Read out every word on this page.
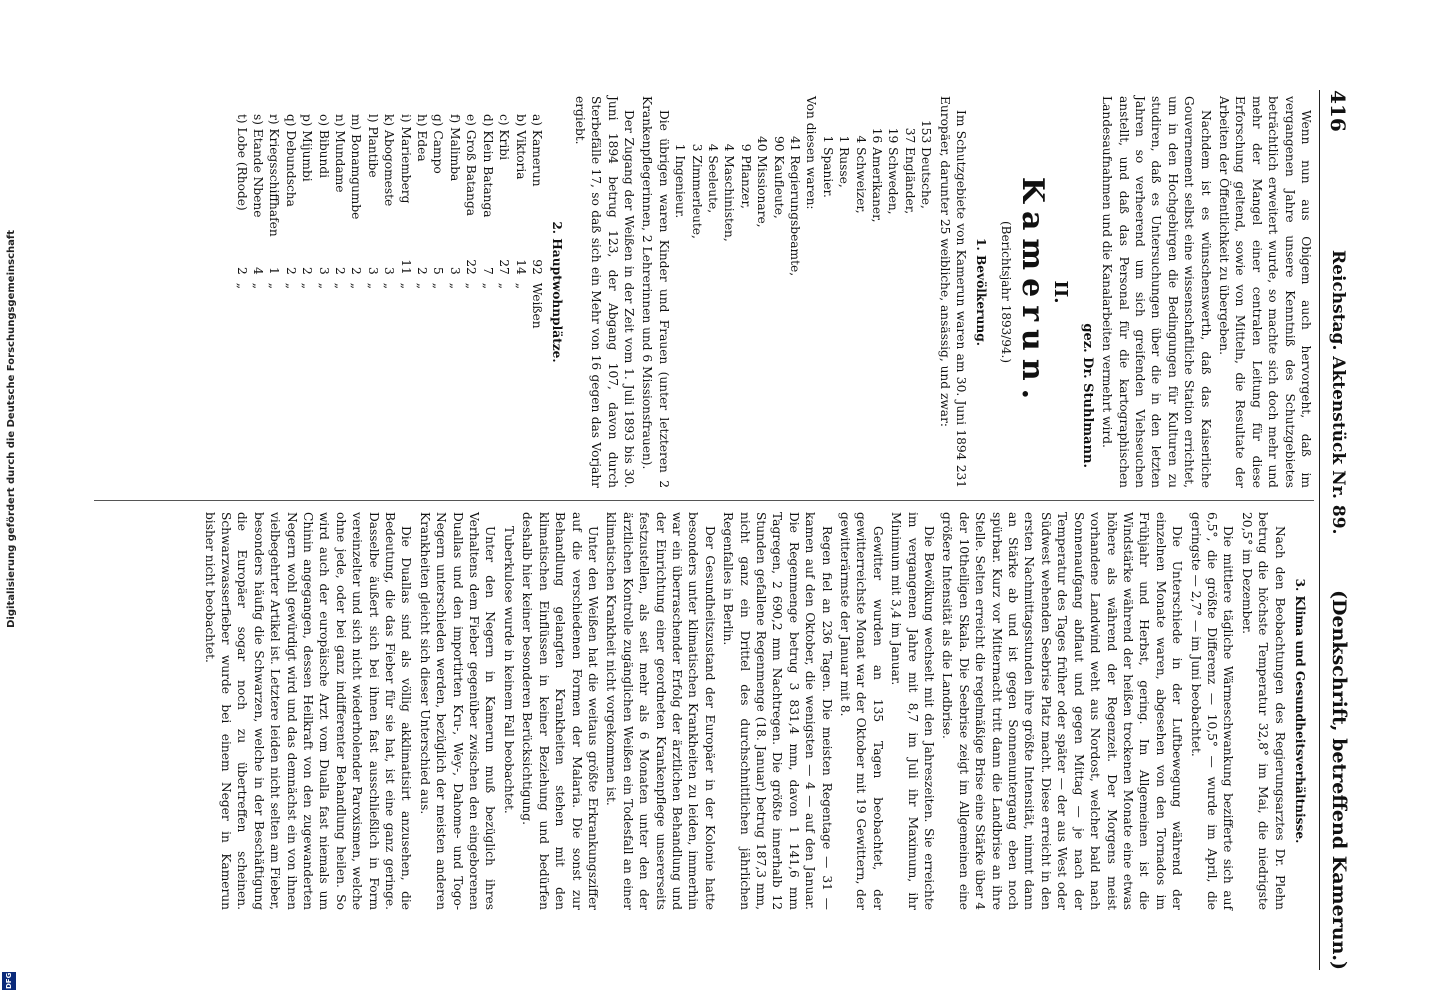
416
Reichstag. Aktenstück Nr. 89.
(Denkschrift, betreffend Kamerun.)

Wenn nun aus Obigem auch hervorgeht, daß im vergangenen Jahre unsere Kenntniß des Schutzgebietes beträchtlich erweitert wurde, so machte sich doch mehr und mehr der Mangel einer centralen Leitung für diese Erforschung geltend, sowie von Mitteln, die Resultate der Arbeiten der Öffentlichkeit zu übergeben.

Nachdem ist es wünschenswerth, daß das Kaiserliche Gouvernement selbst eine wissenschaftliche Station errichtet, um in den Hochgebirgen die Bedingungen für Kulturen zu studiren, daß es Untersuchungen über die in den letzten Jahren so verheerend um sich greifenden Viehseuchen anstellt, und daß das Personal für die kartographischen Landesaufnahmen und die Kanalarbeiten vermehrt wird.

gez. Dr. Stuhlmann.
II.
Kamerun.
(Berichtsjahr 1893/94.)
1. Bevölkerung.

Im Schutzgebiete von Kamerun waren am 30. Juni 1894 231 Europäer, darunter 25 weibliche, ansässig, und zwar:

153 Deutsche,
37 Engländer,
19 Schweden,
16 Amerikaner,
4 Schweizer,
1 Russe,
1 Spanier.
Von diesen waren:
41 Regierungsbeamte,
90 Kaufleute,
40 Missionare,
9 Pflanzer,
4 Maschinisten,
4 Seeleute,
3 Zimmerleute,
1 Ingenieur.

Die übrigen waren Kinder und Frauen (unter letzteren 2 Krankenpflegerinnen, 2 Lehrerinnen und 6 Missionsfrauen).

Der Zugang der Weißen in der Zeit vom 1. Juli 1893 bis 30. Juni 1894 betrug 123, der Abgang 107, davon durch Sterbefälle 17, so daß sich ein Mehr von 16 gegen das Vorjahr ergiebt.

2. Hauptwohnplätze.
a) Kamerun	92	Weißen
b) Viktoria	14	„
c) Kribi	27	„
d) Klein Batanga	7	„
e) Groß Batanga	22	„
f) Malimba	3	„
g) Campo	5	„
h) Edea	2	„
i) Mariemberg	11	„
k) Abogomeste	3	„
l) Plantibe	3	„
m) Bonamgumbe	2	„
n) Mundame	2	„
o) Bibundi	3	„
p) Mijumbi	2	„
q) Debundscha	2	„
r) Kriegsschiffhafen	1	„
s) Etande Nbene	4	„
t) Lobe (Rhode)	2	„
3. Klima und Gesundheitsverhältnisse.

Nach den Beobachtungen des Regierungsarztes Dr. Plehn betrug die höchste Temperatur 32,8° im Mai, die niedrigste 20,5° im Dezember.

Die mittlere tägliche Wärmeschwankung bezifferte sich auf 6,5°, die größte Differenz — 10,5° — wurde im April, die geringste — 2,7° — im Juni beobachtet.

Die Unterschiede in der Luftbewegung während der einzelnen Monate waren, abgesehen von den Tornados im Frühjahr und Herbst, gering. Im Allgemeinen ist die Windstärke während der heißen trockenen Monate eine etwas höhere als während der Regenzeit. Der Morgens meist vorhandene Landwind weht aus Nordost, welcher bald nach Sonnenaufgang abflaut und gegen Mittag — je nach der Temperatur des Tages früher oder später — der aus West oder Südwest wehenden Seebrise Platz macht. Diese erreicht in den ersten Nachmittagsstunden ihre größte Intensität, nimmt dann an Stärke ab und ist gegen Sonnenuntergang eben noch spürbar. Kurz vor Mitternacht tritt dann die Landbrise an ihre Stelle. Selten erreicht die regelmäßige Brise eine Stärke über 4 der 10theiligen Skala. Die Seebrise zeigt im Allgemeinen eine größere Intensität als die Landbrise.

Die Bewölkung wechselt mit den Jahreszeiten. Sie erreichte im vergangenen Jahre mit 8,7 im Juli ihr Maximum, ihr Minimum mit 3,4 im Januar.

Gewitter wurden an 135 Tagen beobachtet, der gewitterreichste Monat war der Oktober mit 19 Gewittern, der gewitterärmste der Januar mit 8.

Regen fiel an 236 Tagen. Die meisten Regentage — 31 — kamen auf den Oktober, die wenigsten — 4 — auf den Januar. Die Regenmenge betrug 3 831,4 mm, davon 1 141,6 mm Tagregen, 2 690,2 mm Nachtregen. Die größte innerhalb 12 Stunden gefallene Regenmenge (18. Januar) betrug 187,3 mm, nicht ganz ein Drittel des durchschnittlichen jährlichen Regenfalles in Berlin.

Der Gesundheitszustand der Europäer in der Kolonie hatte besonders unter klimatischen Krankheiten zu leiden, immerhin war ein überraschender Erfolg der ärztlichen Behandlung und der Einrichtung einer geordneten Krankenpflege unsererseits festzustellen, als seit mehr als 6 Monaten unter den der ärztlichen Kontrolle zugänglichen Weißen ein Todesfall an einer klimatischen Krankheit nicht vorgekommen ist.

Unter den Weißen hat die weitaus größte Erkrankungsziffer auf die verschiedenen Formen der Malaria. Die sonst zur Behandlung gelangten Krankheiten stehen mit den klimatischen Einflüssen in keiner Beziehung und bedürfen deshalb hier keiner besonderen Berücksichtigung.

Tuberkulose wurde in keinem Fall beobachtet.

Unter den Negern in Kamerun muß bezüglich ihres Verhaltens dem Fieber gegenüber zwischen den eingeborenen Duallas und den importirten Kru-, Wey-, Dahome- und Togo-Negern unterschieden werden, bezüglich der meisten anderen Krankheiten gleicht sich dieser Unterschied aus.

Die Duallas sind als völlig akklimatisirt anzusehen, die Bedeutung, die das Fieber für sie hat, ist eine ganz geringe. Dasselbe äußert sich bei ihnen fast ausschließlich in Form vereinzelter und sich nicht wiederholender Paroxismen, welche ohne jede, oder bei ganz indifferenter Behandlung heilen. So wird auch der europäische Arzt vom Dualla fast niemals um Chinin angegangen, dessen Heilkraft von den zugewanderten Negern wohl gewürdigt wird und das demnächst ein von ihnen vielbegehrter Artikel ist. Letztere leiden nicht selten am Fieber, besonders häufig die Schwarzen, welche in der Beschäftigung die Europäer sogar noch zu übertreffen scheinen. Schwarzwasserfieber wurde bei einem Neger in Kamerun bisher nicht beobachtet.

Digitalisierung gefördert durch die Deutsche Forschungsgemeinschaft
DFG
